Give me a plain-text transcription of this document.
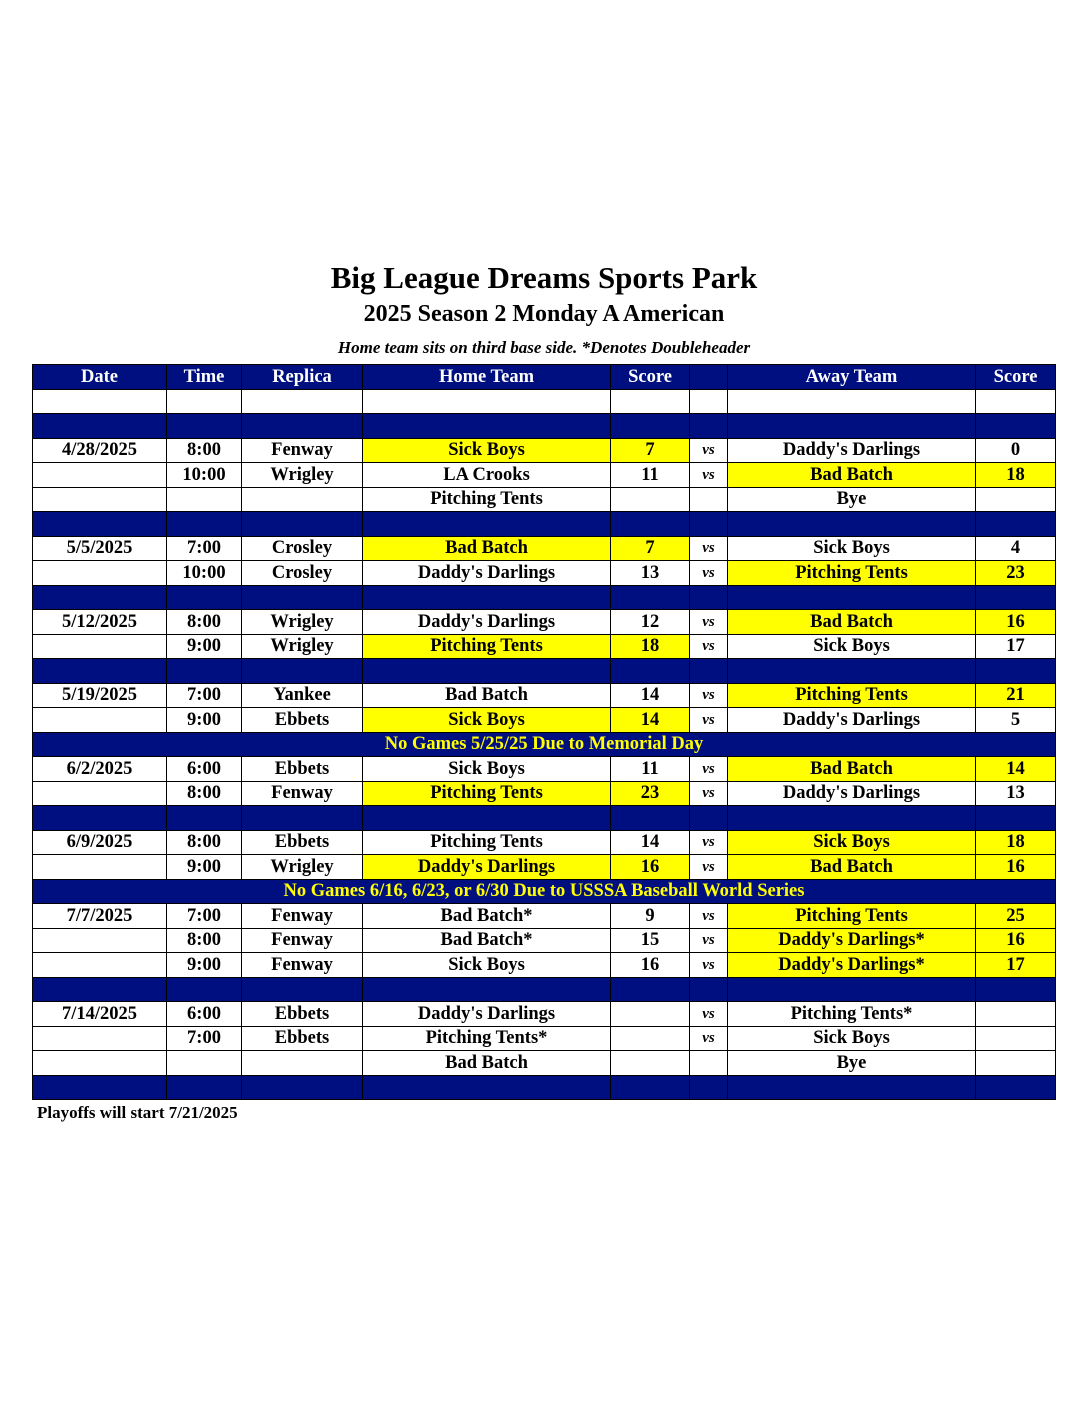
Big League Dreams Sports Park
2025 Season 2 Monday A American
Home team sits on third base side. *Denotes Doubleheader
Date	Time	Replica	Home Team	Score		Away Team	Score

4/28/2025	8:00	Fenway	Sick Boys	7	vs	Daddy's Darlings	0
	10:00	Wrigley	LA Crooks	11	vs	Bad Batch	18
			Pitching Tents			Bye	

5/5/2025	7:00	Crosley	Bad Batch	7	vs	Sick Boys	4
	10:00	Crosley	Daddy's Darlings	13	vs	Pitching Tents	23

5/12/2025	8:00	Wrigley	Daddy's Darlings	12	vs	Bad Batch	16
	9:00	Wrigley	Pitching Tents	18	vs	Sick Boys	17

5/19/2025	7:00	Yankee	Bad Batch	14	vs	Pitching Tents	21
	9:00	Ebbets	Sick Boys	14	vs	Daddy's Darlings	5
No Games 5/25/25 Due to Memorial Day							
6/2/2025	6:00	Ebbets	Sick Boys	11	vs	Bad Batch	14
	8:00	Fenway	Pitching Tents	23	vs	Daddy's Darlings	13

6/9/2025	8:00	Ebbets	Pitching Tents	14	vs	Sick Boys	18
	9:00	Wrigley	Daddy's Darlings	16	vs	Bad Batch	16
No Games 6/16, 6/23, or 6/30 Due to USSSA Baseball World Series							
7/7/2025	7:00	Fenway	Bad Batch*	9	vs	Pitching Tents	25
	8:00	Fenway	Bad Batch*	15	vs	Daddy's Darlings*	16
	9:00	Fenway	Sick Boys	16	vs	Daddy's Darlings*	17

7/14/2025	6:00	Ebbets	Daddy's Darlings		vs	Pitching Tents*	
	7:00	Ebbets	Pitching Tents*		vs	Sick Boys	
			Bad Batch			Bye	

Playoffs will start 7/21/2025
